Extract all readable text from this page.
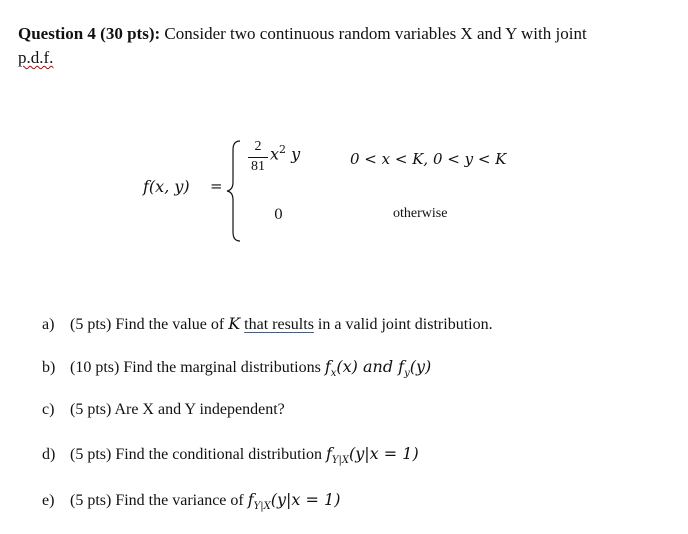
Question 4 (30 pts): Consider two continuous random variables X and Y with joint
p.d.f.
f(x, y) =
2
81
$x^2$ y	0 < x < K, 0 < y < K
0	otherwise
a) (5 pts) Find the value of K that results in a valid joint distribution.
b) (10 pts) Find the marginal distributions $f_x(x)$ and $f_y(y)$
c) (5 pts) Are X and Y independent?
d) (5 pts) Find the conditional distribution $f_{Y|X}(y|x = 1)$
e) (5 pts) Find the variance of $f_{Y|X}(y|x = 1)$
